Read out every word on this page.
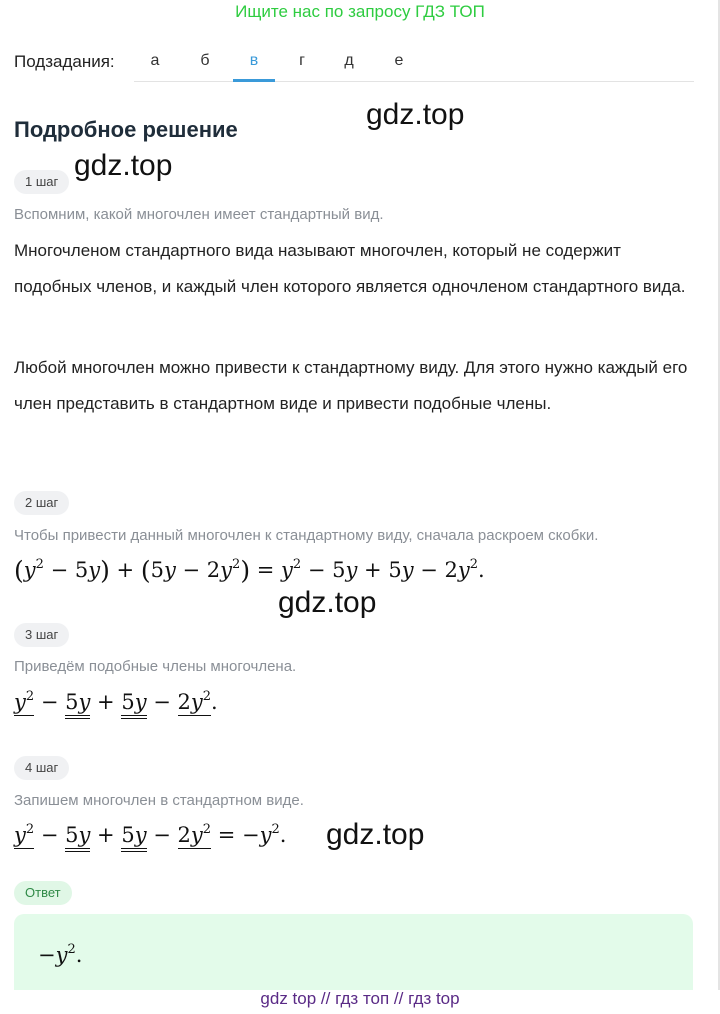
Ищите нас по запросу ГДЗ ТОП
Подзадания:	а	б	в	г	д	е
Подробное решение	gdz.top
gdz.top
gdz.top
gdz.top
1 шаг
Вспомним, какой многочлен имеет стандартный вид.
Многочленом стандартного вида называют многочлен, который не содержит подобных членов, и каждый член которого является одночленом стандартного вида.
Любой многочлен можно привести к стандартному виду. Для этого нужно каждый его член представить в стандартном виде и привести подобные члены.
2 шаг
Чтобы привести данный многочлен к стандартному виду, сначала раскроем скобки.
$(y^2 - 5y) + (5y - 2y^2) = y^2 - 5y + 5y - 2y^2$.
3 шаг
Приведём подобные члены многочлена.
$y^2 - 5y + 5y - 2y^2$.
4 шаг
Запишем многочлен в стандартном виде.
$y^2 - 5y + 5y - 2y^2 = -y^2$.
Ответ
$-y^2$.
gdz top // гдз топ // гдз top
